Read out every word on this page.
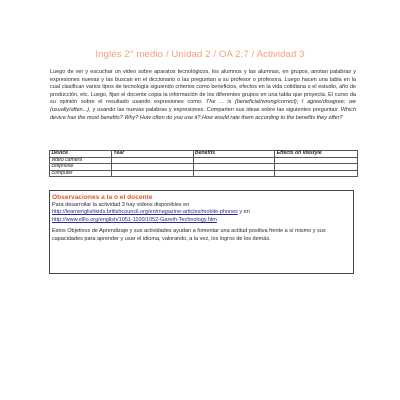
Inglés 2° medio / Unidad 2 / OA 2;7 / Actividad 3
Luego de ver y escuchar un video sobre aparatos tecnológicos, los alumnos y las alumnas, en grupos, anotan palabras y expresiones nuevas y las buscan en el diccionario o las preguntan a su profesor o profesora. Luego hacen una tabla en la cual clasifican varios tipos de tecnología siguiendo criterios como beneficios, efectos en la vida cotidiana o el estudio, año de producción, etc. Luego, fijan el docente copia la información de los diferentes grupos en una tabla que proyecta. El curso da su opinión sobre el resultado usando expresiones como: The ... is (beneficial/wrong/correct); I agree/disagree; we (usually/often...), y usando las nuevas palabras y expresiones. Comparten sus ideas sobre las siguientes preguntas: Which device has the most benefits? Why? How often do you use it? How would rate them according to the benefits they offer?
Device	Year	Benefits	Effects on lifestyle
video camera			
cellphone			
computer			
Observaciones a la o el docente
Para desarrollar la actividad 3 hay videos disponibles en
http://learnenglishkids.britishcouncil.org/en/magazine-articles/mobile-phones y en
http://www.elllo.org/english/1051-1100/1052-Gareth-Technology.htm
Estos Objetivos de Aprendizaje y sus actividades ayudan a fomentar una actitud positiva frente a sí mismo y sus capacidades para aprender y usar el idioma, valorando, a la vez, los logros de los demás.
